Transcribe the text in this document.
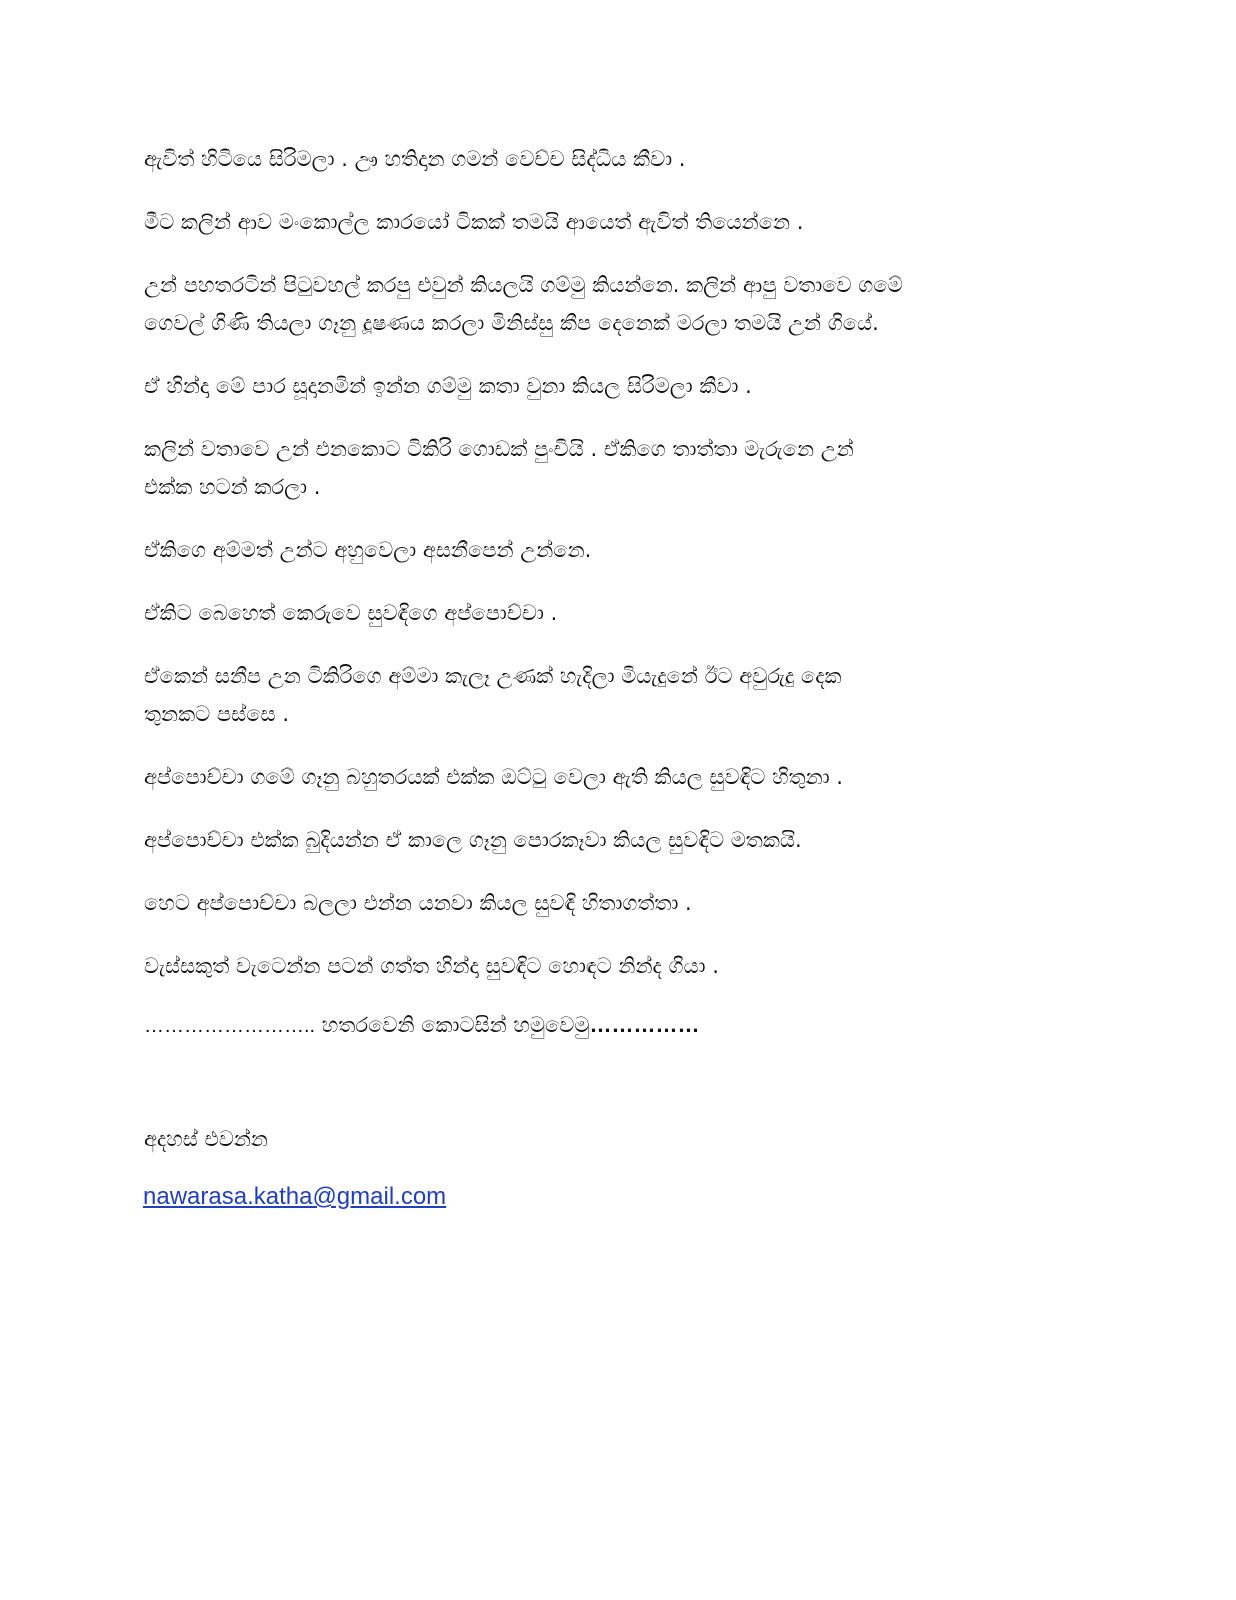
ඇවිත් හිටියෙ සිරිමලා . ඌ හතිදාන ගමන් වෙච්ච සිද්ධිය කීවා .

මීට කලින් ආව මංකොල්ල කාරයෝ ටිකක් තමයි ආයෙත් ඇවිත් තියෙන්නෙ .

උන් පහතරටින් පිටුවහල් කරපු එවුන් කියලයි ගම්මු කියන්නෙ. කලින් ආපු වතාවෙ ගමේ
ගෙවල් ගිණි තියලා ගෑනු දූෂණය කරලා මිනිස්සු කීප දෙනෙක් මරලා තමයි උන් ගියේ.

ඒ හින්දා මේ පාර සූදානමින් ඉන්න ගම්මු කතා වුනා කියල සිරිමලා කීවා .

කලින් වතාවෙ උන් එනකොට ටිකිරි ගොඩක් පුංචියි . ඒකිගෙ තාත්තා මැරුනෙ උන්
එක්ක හටන් කරලා .

ඒකිගෙ අම්මත් උන්ට අහුවෙලා අසනීපෙන් උන්නෙ.

ඒකිට බෙහෙත් කෙරුවෙ සුවඳිගෙ අප්පොච්චා .

ඒකෙන් සනීප උන ටිකිරිගෙ අම්මා කැලෑ උණක් හැදිලා මියැදුනේ ඊට අවුරුදු දෙක
තුනකට පස්සෙ .

අප්පොච්චා ගමේ ගෑනු බහුතරයක් එක්ක ඔට්ටු වෙලා ඇති කියල සුවඳිට හිතුනා .

අප්පොච්චා එක්ක බුදියන්න ඒ කාලෙ ගෑනු පොරකෑවා කියල සුවඳිට මතකයි.

හෙට අප්පොච්චා බලලා එන්න යනවා කියල සුවඳි හිතාගත්තා .

වැස්සකුත් වැටෙන්න පටන් ගත්ත හින්දා සුවඳිට හොඳට නින්ද ගියා .

…………………….. හතරවෙනි කොටසින් හමුවෙමු……………
අදහස් එවන්න
nawarasa.katha@gmail.com
